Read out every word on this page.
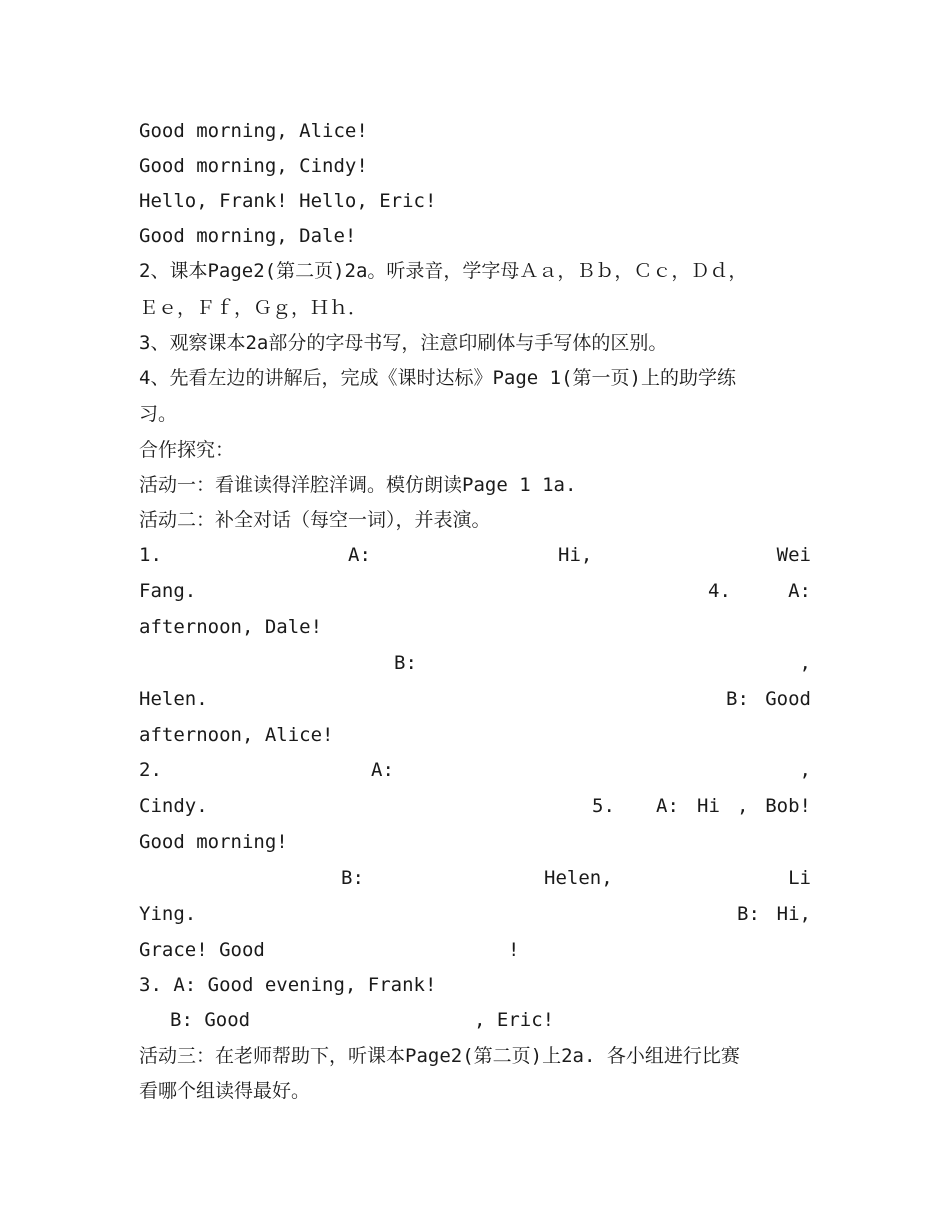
Good morning, Alice!
Good morning, Cindy!
Hello, Frank! Hello, Eric!
Good morning, Dale!
2、课本Page2(第二页)2a。听录音，学字母Ａａ，Ｂｂ，Ｃｃ，Ｄｄ，
Ｅｅ，Ｆｆ，Ｇｇ，Ｈｈ．
3、观察课本2a部分的字母书写，注意印刷体与手写体的区别。
4、先看左边的讲解后，完成《课时达标》Page 1(第一页)上的助学练
习。
合作探究：
活动一：看谁读得洋腔洋调。模仿朗读Page 1 1a.
活动二：补全对话（每空一词），并表演。
1.	A:	Hi,	Wei
Fang.	4.	A:
afternoon, Dale!
B:	,
Helen.	B: Good
afternoon, Alice!
2.	A:	,
Cindy.	5. A: Hi , Bob!
Good morning!
B:	Helen,	Li
Ying.	B: Hi,
Grace! Good	!
3. A: Good evening, Frank!
B: Good	, Eric!
活动三：在老师帮助下，听课本Page2(第二页)上2a. 各小组进行比赛
看哪个组读得最好。
